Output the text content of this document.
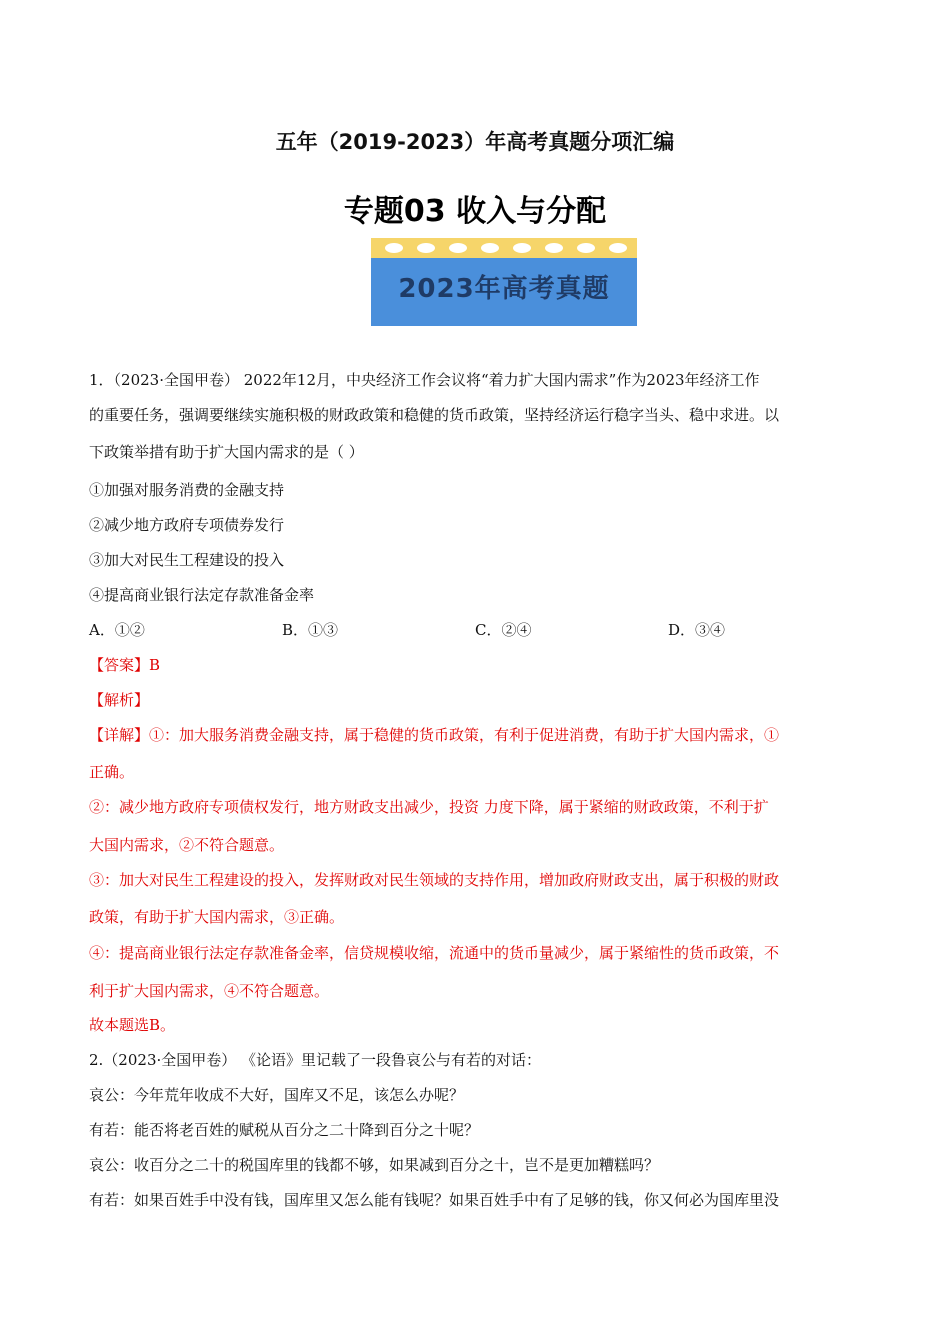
五年（2019-2023）年高考真题分项汇编
专题03 收入与分配
2023年高考真题
1．（2023·全国甲卷） 2022年12月，中央经济工作会议将“着力扩大国内需求”作为2023年经济工作
的重要任务，强调要继续实施积极的财政政策和稳健的货币政策，坚持经济运行稳字当头、稳中求进。以
下政策举措有助于扩大国内需求的是（ ）
①加强对服务消费的金融支持
②减少地方政府专项债券发行
③加大对民生工程建设的投入
④提高商业银行法定存款准备金率
A．①②	B．①③	C．②④	D．③④
【答案】B
【解析】
【详解】①：加大服务消费金融支持，属于稳健的货币政策，有利于促进消费，有助于扩大国内需求，①
正确。
②：减少地方政府专项债权发行，地方财政支出减少，投资 力度下降，属于紧缩的财政政策，不利于扩
大国内需求，②不符合题意。
③：加大对民生工程建设的投入，发挥财政对民生领域的支持作用，增加政府财政支出，属于积极的财政
政策，有助于扩大国内需求，③正确。
④：提高商业银行法定存款准备金率，信贷规模收缩，流通中的货币量减少，属于紧缩性的货币政策，不
利于扩大国内需求，④不符合题意。
故本题选B。
2.（2023·全国甲卷） 《论语》里记载了一段鲁哀公与有若的对话：
哀公：今年荒年收成不大好，国库又不足，该怎么办呢？
有若：能否将老百姓的赋税从百分之二十降到百分之十呢？
哀公：收百分之二十的税国库里的钱都不够，如果减到百分之十，岂不是更加糟糕吗？
有若：如果百姓手中没有钱，国库里又怎么能有钱呢？如果百姓手中有了足够的钱，你又何必为国库里没
